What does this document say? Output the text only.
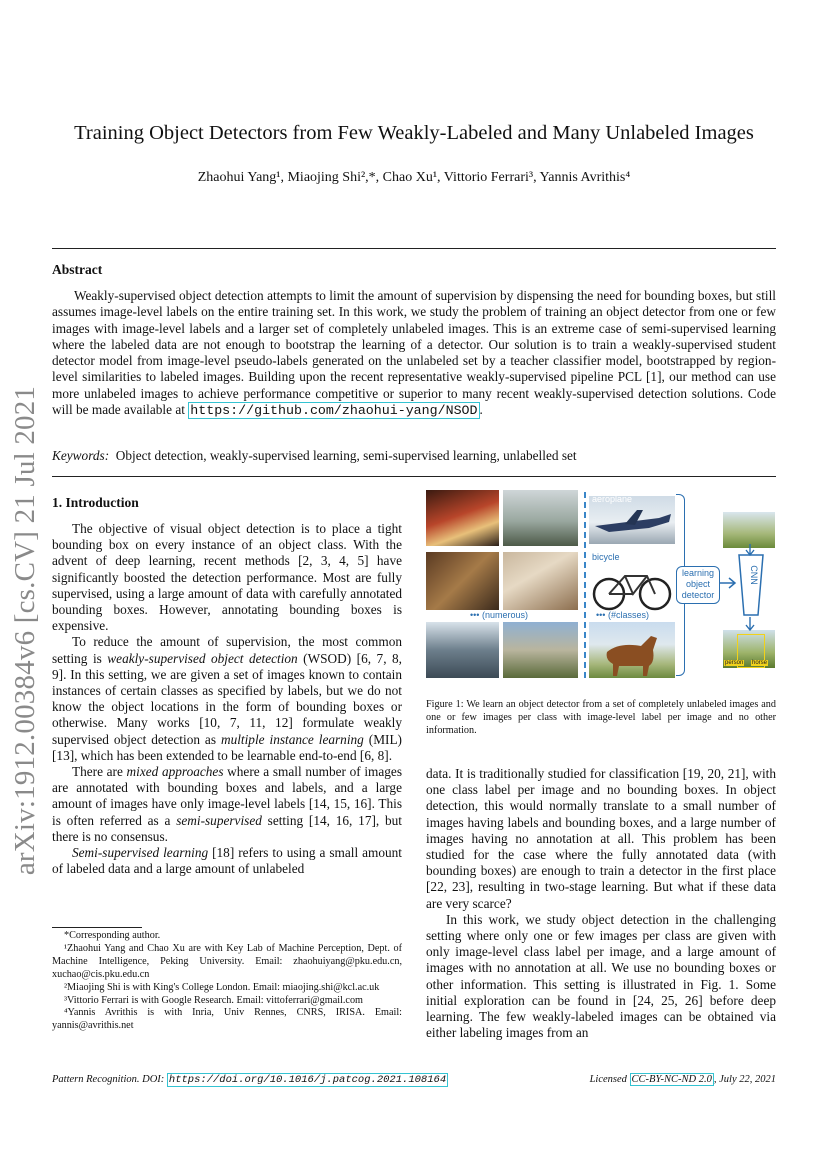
arXiv:1912.00384v6 [cs.CV] 21 Jul 2021
Training Object Detectors from Few Weakly-Labeled and Many Unlabeled Images
Zhaohui Yang¹, Miaojing Shi²,*, Chao Xu¹, Vittorio Ferrari³, Yannis Avrithis⁴
Abstract

Weakly-supervised object detection attempts to limit the amount of supervision by dispensing the need for bounding boxes, but still assumes image-level labels on the entire training set. In this work, we study the problem of training an object detector from one or few images with image-level labels and a larger set of completely unlabeled images. This is an extreme case of semi-supervised learning where the labeled data are not enough to bootstrap the learning of a detector. Our solution is to train a weakly-supervised student detector model from image-level pseudo-labels generated on the unlabeled set by a teacher classifier model, bootstrapped by region-level similarities to labeled images. Building upon the recent representative weakly-supervised pipeline PCL [1], our method can use more unlabeled images to achieve performance competitive or superior to many recent weakly-supervised detection solutions. Code will be made available at https://github.com/zhaohui-yang/NSOD .

Keywords: Object detection, weakly-supervised learning, semi-supervised learning, unlabelled set
1. Introduction

The objective of visual object detection is to place a tight bounding box on every instance of an object class. With the advent of deep learning, recent methods [2, 3, 4, 5] have significantly boosted the detection performance. Most are fully supervised, using a large amount of data with carefully annotated bounding boxes. However, annotating bounding boxes is expensive.

To reduce the amount of supervision, the most common setting is weakly-supervised object detection (WSOD) [6, 7, 8, 9]. In this setting, we are given a set of images known to contain instances of certain classes as specified by labels, but we do not know the object locations in the form of bounding boxes or otherwise. Many works [10, 7, 11, 12] formulate weakly supervised object detection as multiple instance learning (MIL) [13], which has been extended to be learnable end-to-end [6, 8].

There are mixed approaches where a small number of images are annotated with bounding boxes and labels, and a large amount of images have only image-level labels [14, 15, 16]. This is often referred as a semi-supervised setting [14, 16, 17], but there is no consensus.

Semi-supervised learning [18] refers to using a small amount of labeled data and a large amount of unlabeled

••• (numerous)
aeroplane
bicycle
••• (#classes)
learning object detector
CNN
person horse
Figure 1: We learn an object detector from a set of completely unlabeled images and one or few images per class with image-level label per image and no other information.

data. It is traditionally studied for classification [19, 20, 21], with one class label per image and no bounding boxes. In object detection, this would normally translate to a small number of images having labels and bounding boxes, and a large number of images having no annotation at all. This problem has been studied for the case where the fully annotated data (with bounding boxes) are enough to train a detector in the first place [22, 23], resulting in two-stage learning. But what if these data are very scarce?

In this work, we study object detection in the challenging setting where only one or few images per class are given with only image-level class label per image, and a large amount of images with no annotation at all. We use no bounding boxes or other information. This setting is illustrated in Fig. 1. Some initial exploration can be found in [24, 25, 26] before deep learning. The few weakly-labeled images can be obtained via either labeling images from an

*Corresponding author.
¹Zhaohui Yang and Chao Xu are with Key Lab of Machine Perception, Dept. of Machine Intelligence, Peking University. Email: zhaohuiyang@pku.edu.cn, xuchao@cis.pku.edu.cn
²Miaojing Shi is with King's College London. Email: miaojing.shi@kcl.ac.uk
³Vittorio Ferrari is with Google Research. Email: vittoferrari@gmail.com
⁴Yannis Avrithis is with Inria, Univ Rennes, CNRS, IRISA. Email: yannis@avrithis.net
Pattern Recognition. DOI: https://doi.org/10.1016/j.patcog.2021.108164	Licensed CC-BY-NC-ND 2.0 , July 22, 2021
